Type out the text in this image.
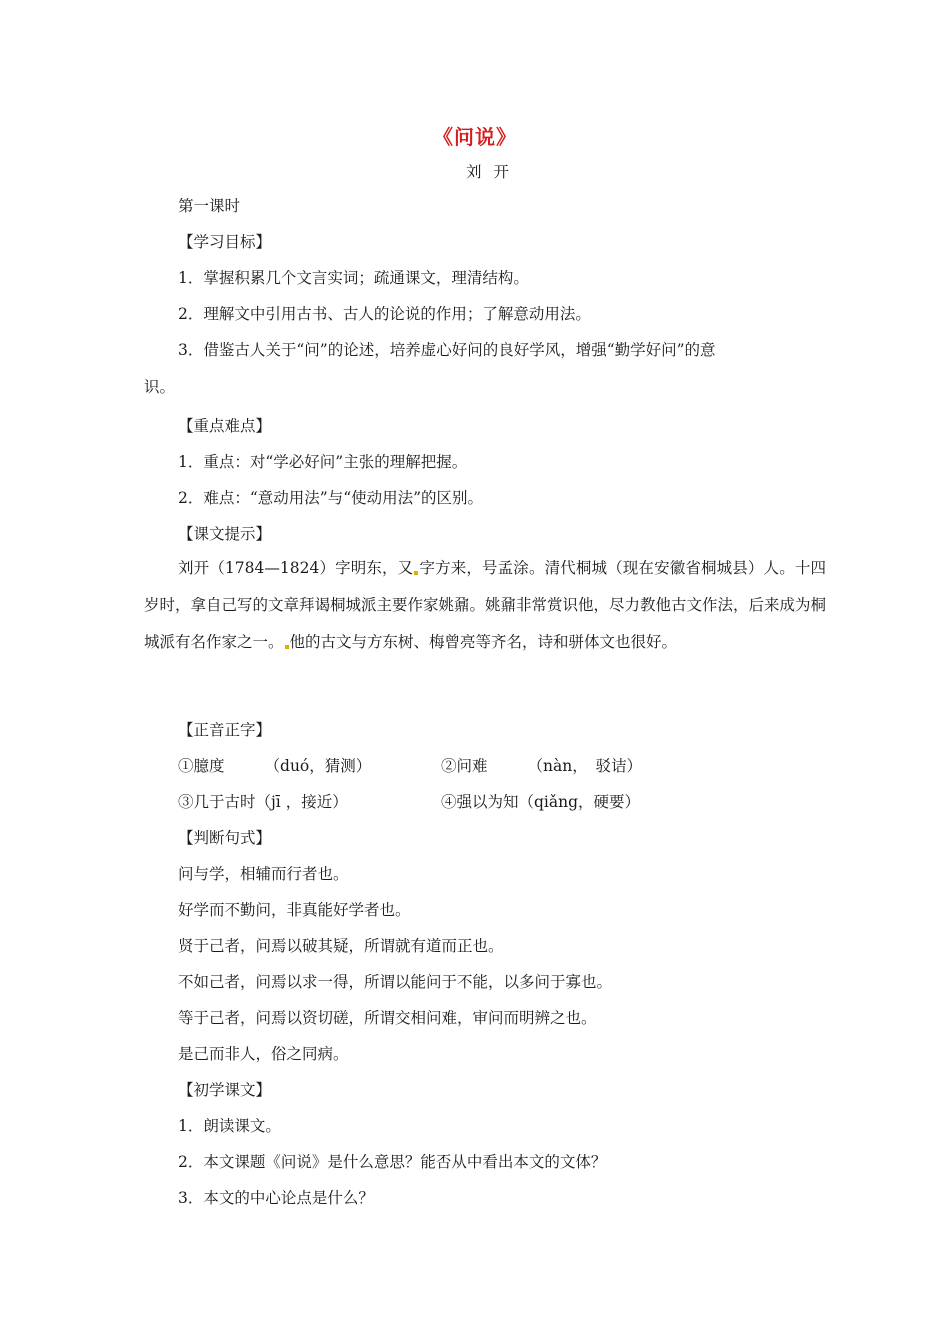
《问说》
刘开
第一课时
【学习目标】
1．掌握积累几个文言实词；疏通课文，理清结构。
2．理解文中引用古书、古人的论说的作用；了解意动用法。
3．借鉴古人关于“问”的论述，培养虚心好问的良好学风，增强“勤学好问”的意
识。
【重点难点】
1．重点：对“学必好问”主张的理解把握。
2．难点：“意动用法”与“使动用法”的区别。
【课文提示】
刘开（1784—1824）字明东，又 字方来，号孟涂。清代桐城（现在安徽省桐城县）人。十四岁时，拿自己写的文章拜谒桐城派主要作家姚鼐。姚鼐非常赏识他，尽力教他古文作法，后来成为桐城派有名作家之一。 他的古文与方东树、梅曾亮等齐名，诗和骈体文也很好。
【正音正字】
①臆度	（duó，猜测）	②问难	（nàn，　驳诘）
③几于古时（jī ，接近）	④强以为知（qiǎng，硬要）
【判断句式】
问与学，相辅而行者也。
好学而不勤问，非真能好学者也。
贤于己者，问焉以破其疑，所谓就有道而正也。
不如己者，问焉以求一得，所谓以能问于不能，以多问于寡也。
等于己者，问焉以资切磋，所谓交相问难，审问而明辨之也。
是己而非人，俗之同病。
【初学课文】
1．朗读课文。
2．本文课题《问说》是什么意思？能否从中看出本文的文体？
3．本文的中心论点是什么？
